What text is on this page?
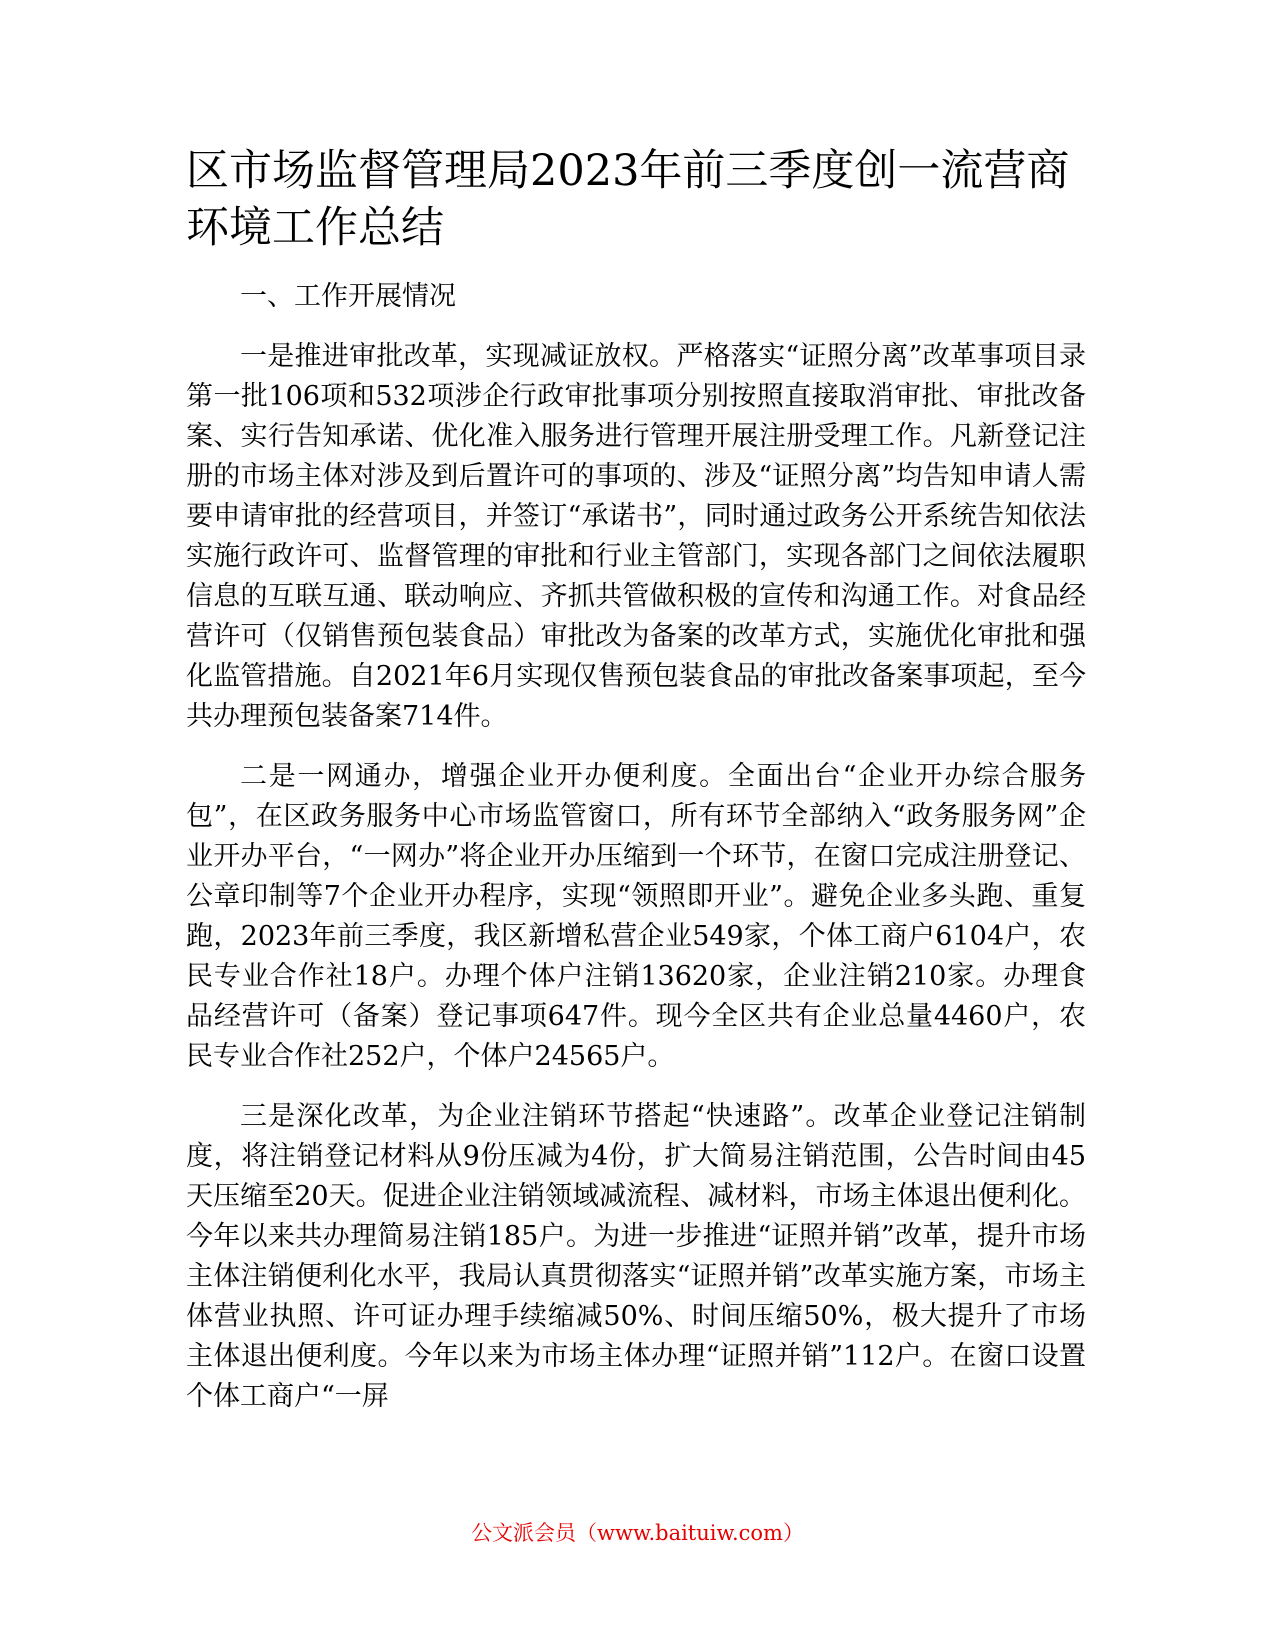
区市场监督管理局2023年前三季度创一流营商环境工作总结

一、工作开展情况

一是推进审批改革，实现减证放权。严格落实“证照分离”改革事项目录第一批106项和532项涉企行政审批事项分别按照直接取消审批、审批改备案、实行告知承诺、优化准入服务进行管理开展注册受理工作。凡新登记注册的市场主体对涉及到后置许可的事项的、涉及“证照分离”均告知申请人需要申请审批的经营项目，并签订“承诺书”，同时通过政务公开系统告知依法实施行政许可、监督管理的审批和行业主管部门，实现各部门之间依法履职信息的互联互通、联动响应、齐抓共管做积极的宣传和沟通工作。对食品经营许可（仅销售预包装食品）审批改为备案的改革方式，实施优化审批和强化监管措施。自2021年6月实现仅售预包装食品的审批改备案事项起，至今共办理预包装备案714件。

二是一网通办，增强企业开办便利度。全面出台“企业开办综合服务包”，在区政务服务中心市场监管窗口，所有环节全部纳入“政务服务网”企业开办平台，“一网办”将企业开办压缩到一个环节，在窗口完成注册登记、公章印制等7个企业开办程序，实现“领照即开业”。避免企业多头跑、重复跑，2023年前三季度，我区新增私营企业549家，个体工商户6104户，农民专业合作社18户。办理个体户注销13620家，企业注销210家。办理食品经营许可（备案）登记事项647件。现今全区共有企业总量4460户，农民专业合作社252户，个体户24565户。

三是深化改革，为企业注销环节搭起“快速路”。改革企业登记注销制度，将注销登记材料从9份压减为4份，扩大简易注销范围，公告时间由45天压缩至20天。促进企业注销领域减流程、减材料，市场主体退出便利化。今年以来共办理简易注销185户。为进一步推进“证照并销”改革，提升市场主体注销便利化水平，我局认真贯彻落实“证照并销”改革实施方案，市场主体营业执照、许可证办理手续缩减50%、时间压缩50%，极大提升了市场主体退出便利度。今年以来为市场主体办理“证照并销”112户。在窗口设置个体工商户“一屏

公文派会员（www.baituiw.com）
